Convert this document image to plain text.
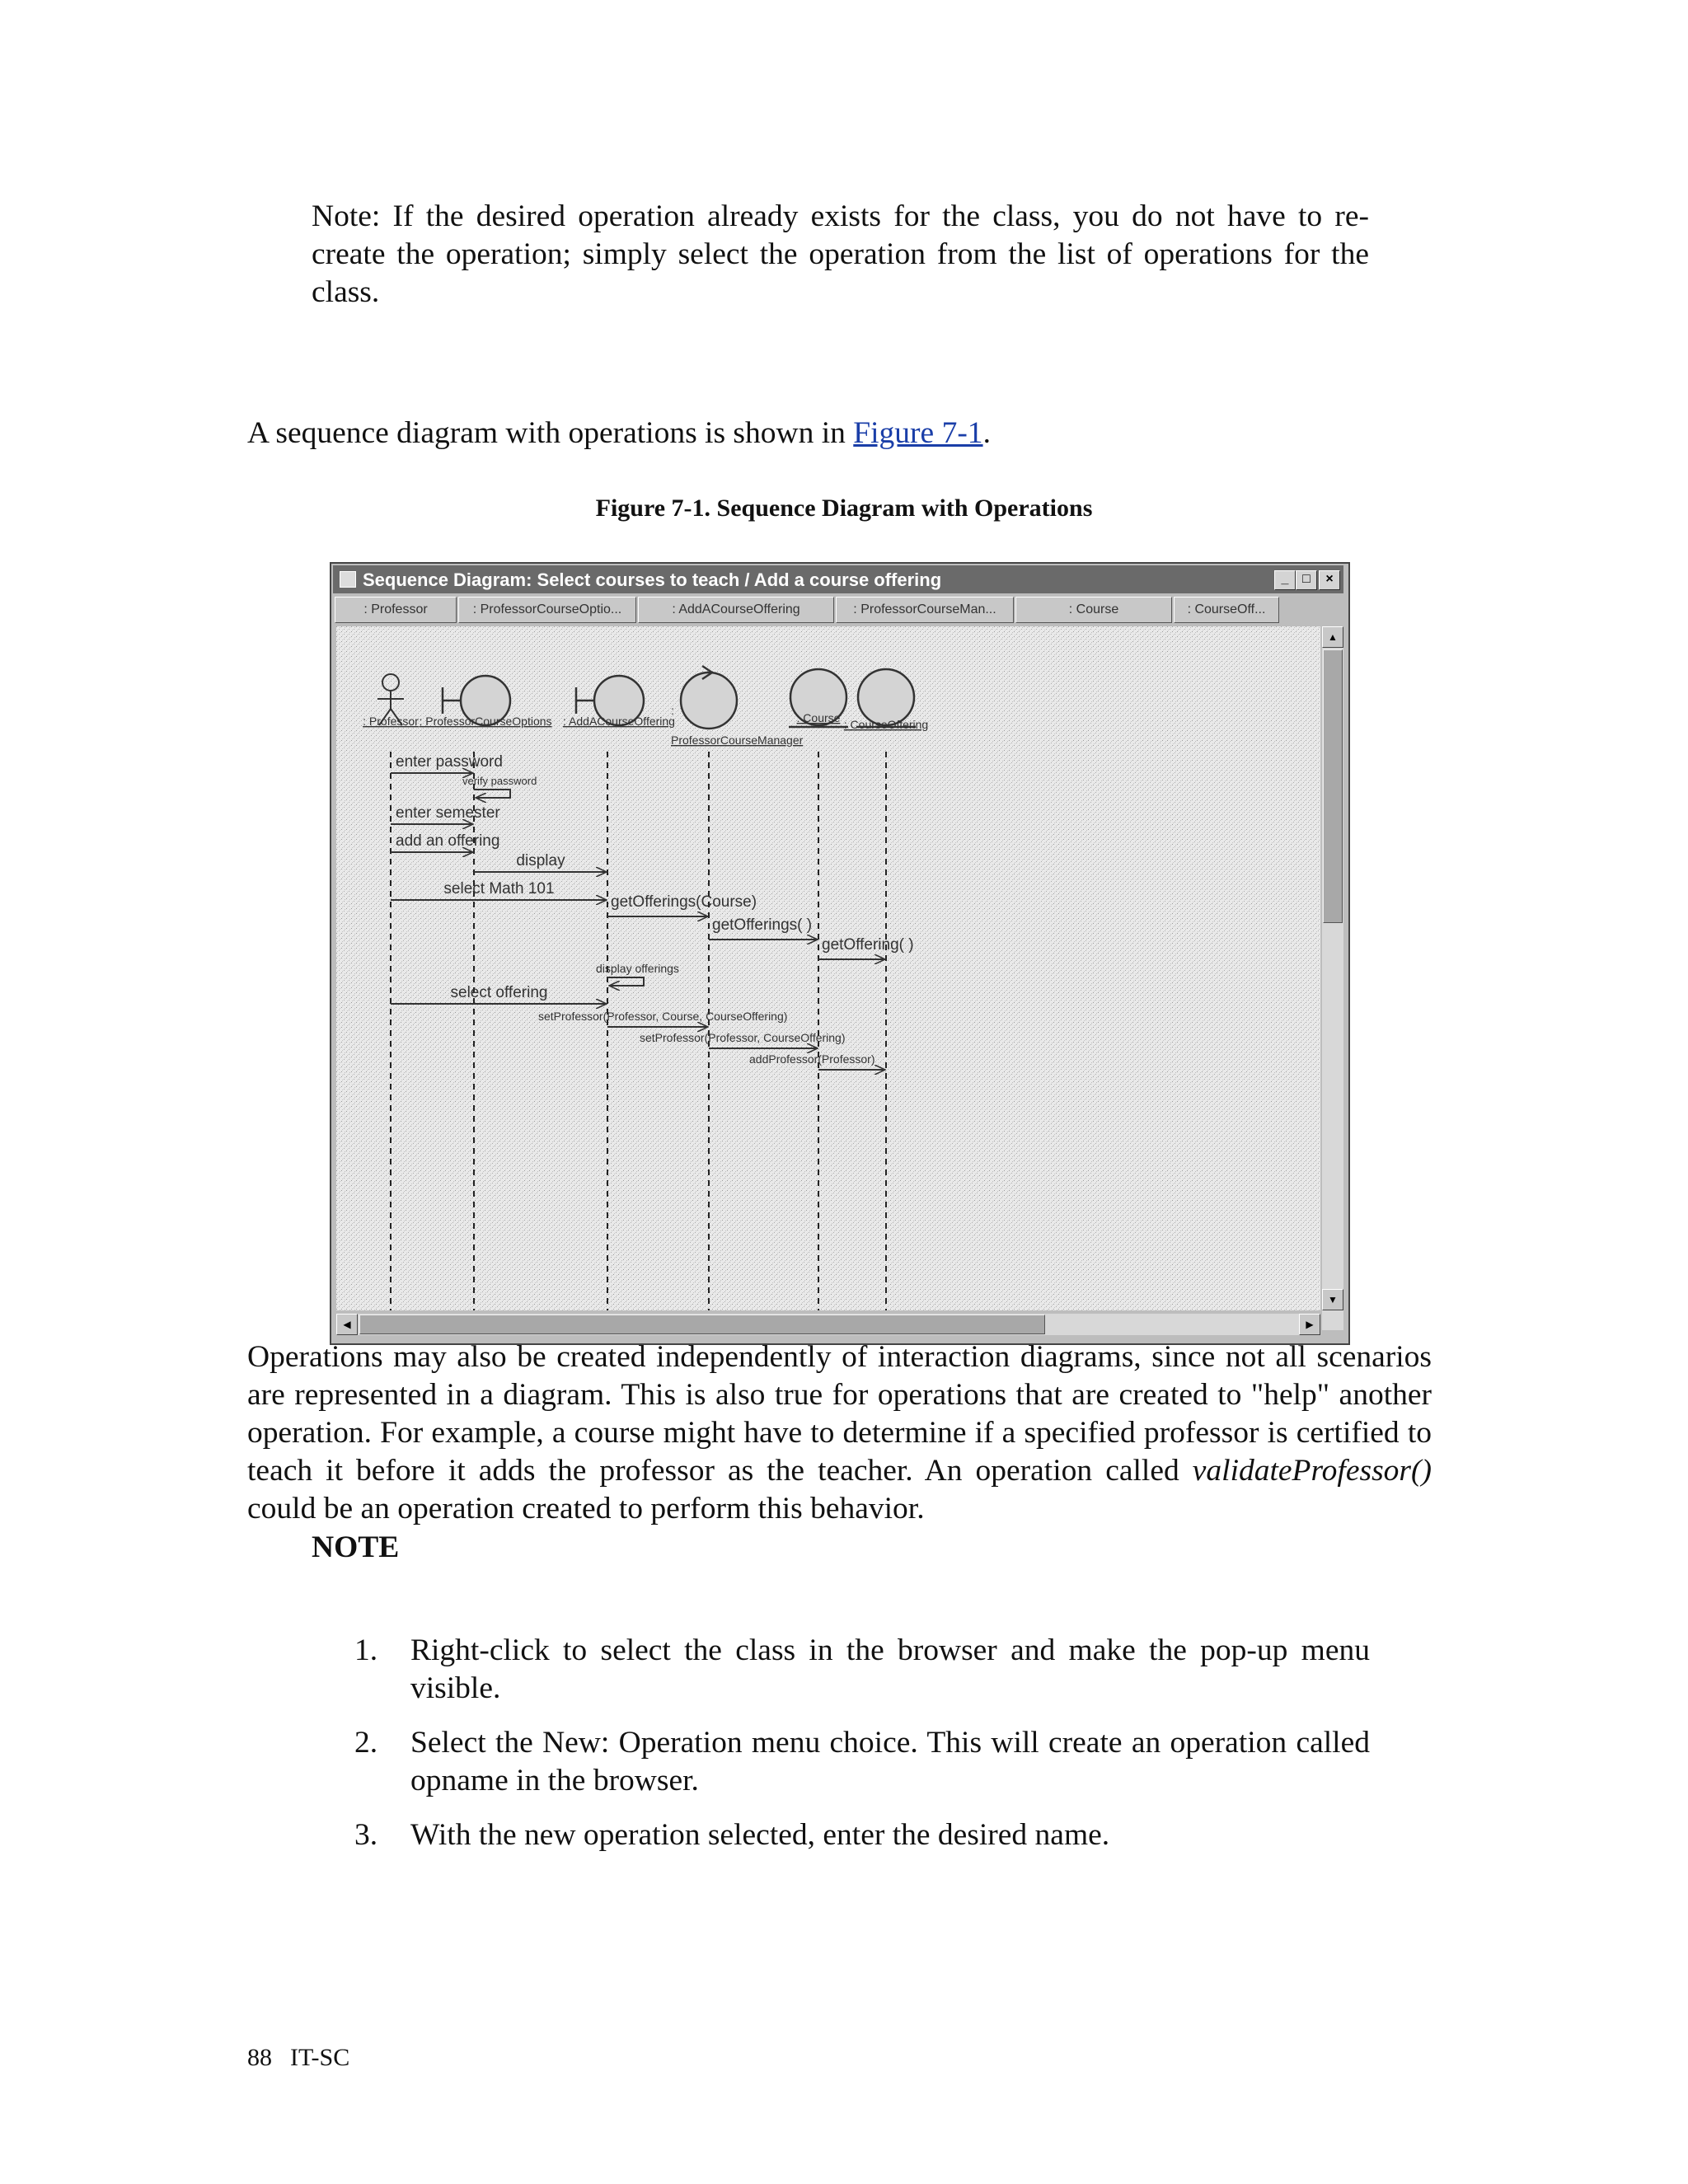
Note: If the desired operation already exists for the class, you do not have to re-create the operation; simply select the operation from the list of operations for the class.
A sequence diagram with operations is shown in Figure 7-1.
Figure 7-1. Sequence Diagram with Operations
Sequence Diagram: Select courses to teach / Add a course offering	_	□	×
: Professor	: ProfessorCourseOptio...	: AddACourseOffering	: ProfessorCourseMan...	: Course	: CourseOff...
: Professor : ProfessorCourseOptions : AddACourseOffering
:
ProfessorCourseManager
: Course : CourseOffering
enter password
verify password
enter semester
add an offering
display
select Math 101
getOfferings(Course)
getOfferings( )
getOffering( )
display offerings
select offering
setProfessor(Professor, Course, CourseOffering)
setProfessor(Professor, CourseOffering)
addProfessor(Professor)
▲
▼
◀	▶
Operations may also be created independently of interaction diagrams, since not all scenarios are represented in a diagram. This is also true for operations that are created to "help" another operation. For example, a course might have to determine if a specified professor is certified to teach it before it adds the professor as the teacher. An operation called validateProfessor() could be an operation created to perform this behavior.
NOTE
1. Right-click to select the class in the browser and make the pop-up menu visible.
2. Select the New: Operation menu choice. This will create an operation called opname in the browser.
3. With the new operation selected, enter the desired name.
88 IT-SC
